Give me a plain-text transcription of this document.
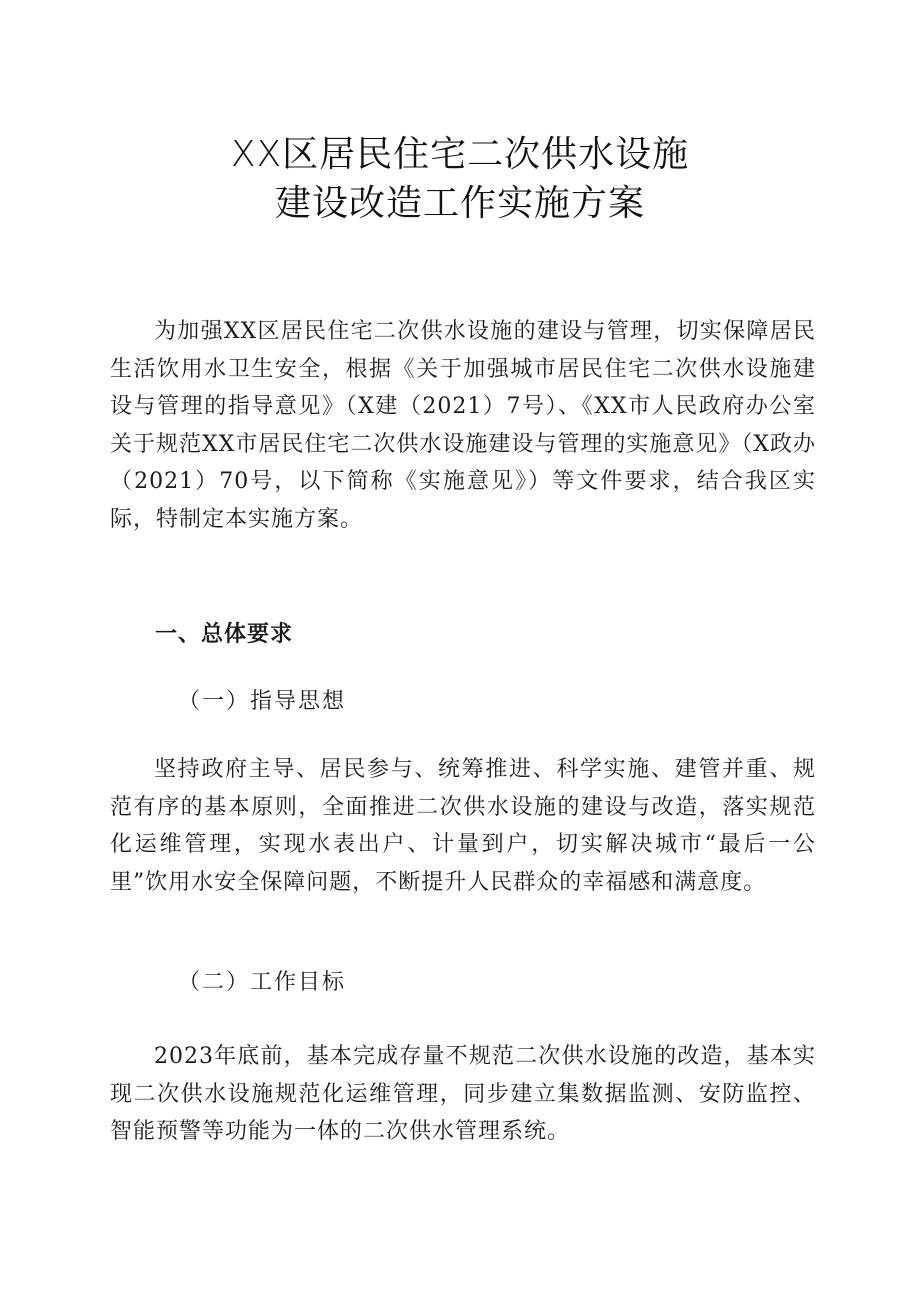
XX区居民住宅二次供水设施
建设改造工作实施方案

为加强XX区居民住宅二次供水设施的建设与管理，切实保障居民生活饮用水卫生安全，根据《关于加强城市居民住宅二次供水设施建设与管理的指导意见》（X建（2021）7号）、《XX市人民政府办公室关于规范XX市居民住宅二次供水设施建设与管理的实施意见》（X政办（2021）70号，以下简称《实施意见》）等文件要求，结合我区实际，特制定本实施方案。

一、总体要求
（一）指导思想

坚持政府主导、居民参与、统筹推进、科学实施、建管并重、规范有序的基本原则，全面推进二次供水设施的建设与改造，落实规范化运维管理，实现水表出户、计量到户，切实解决城市“最后一公里”饮用水安全保障问题，不断提升人民群众的幸福感和满意度。

（二）工作目标

2023年底前，基本完成存量不规范二次供水设施的改造，基本实现二次供水设施规范化运维管理，同步建立集数据监测、安防监控、智能预警等功能为一体的二次供水管理系统。
